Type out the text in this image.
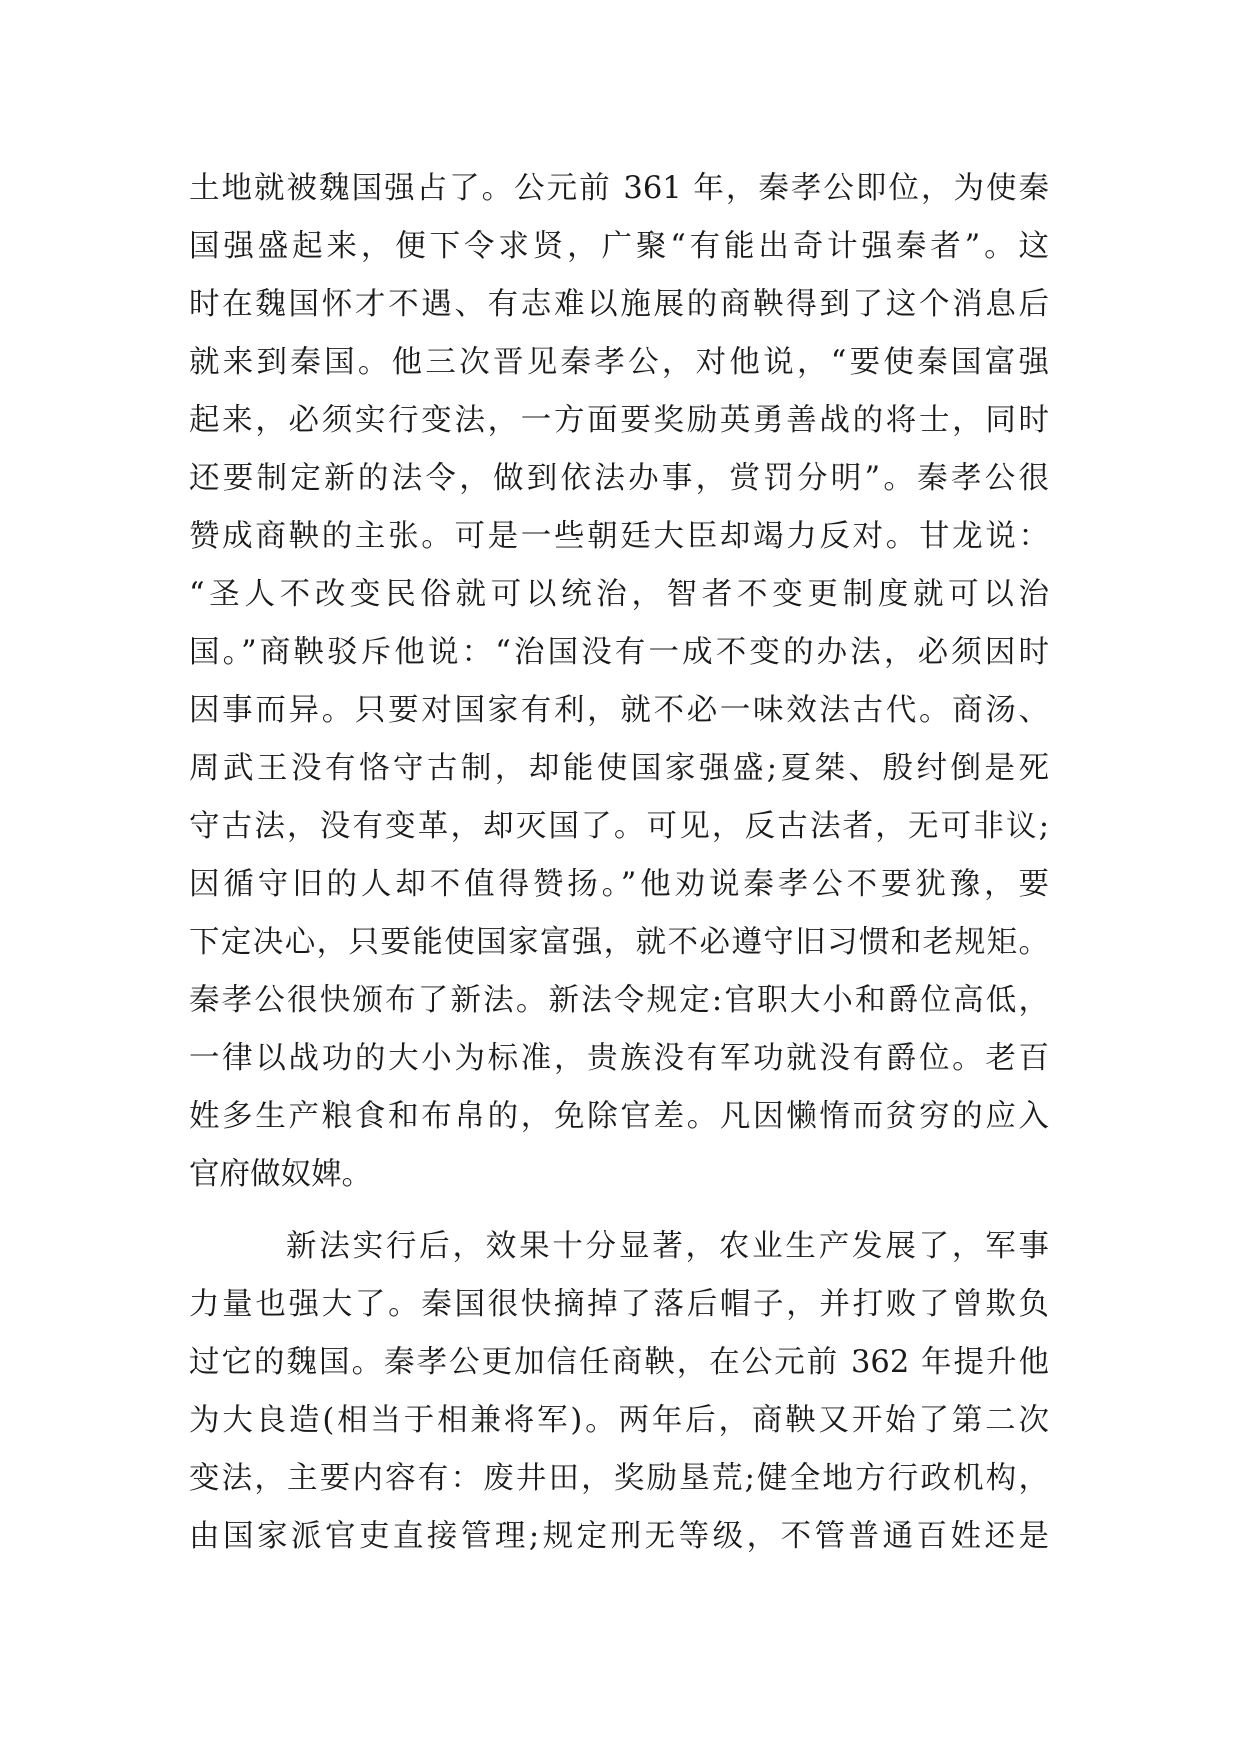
土地就被魏国强占了。公元前 361 年，秦孝公即位，为使秦
国强盛起来，便下令求贤，广聚“有能出奇计强秦者”。这
时在魏国怀才不遇、有志难以施展的商鞅得到了这个消息后
就来到秦国。他三次晋见秦孝公，对他说，“要使秦国富强
起来，必须实行变法，一方面要奖励英勇善战的将士，同时
还要制定新的法令，做到依法办事，赏罚分明”。秦孝公很
赞成商鞅的主张。可是一些朝廷大臣却竭力反对。甘龙说：
“圣人不改变民俗就可以统治，智者不变更制度就可以治
国。”商鞅驳斥他说：“治国没有一成不变的办法，必须因时
因事而异。只要对国家有利，就不必一味效法古代。商汤、
周武王没有恪守古制，却能使国家强盛;夏桀、殷纣倒是死
守古法，没有变革，却灭国了。可见，反古法者，无可非议;
因循守旧的人却不值得赞扬。”他劝说秦孝公不要犹豫，要
下定决心，只要能使国家富强，就不必遵守旧习惯和老规矩。
秦孝公很快颁布了新法。新法令规定:官职大小和爵位高低，
一律以战功的大小为标准，贵族没有军功就没有爵位。老百
姓多生产粮食和布帛的，免除官差。凡因懒惰而贫穷的应入
官府做奴婢。
新法实行后，效果十分显著，农业生产发展了，军事
力量也强大了。秦国很快摘掉了落后帽子，并打败了曾欺负
过它的魏国。秦孝公更加信任商鞅，在公元前 362 年提升他
为大良造(相当于相兼将军)。两年后，商鞅又开始了第二次
变法，主要内容有：废井田，奖励垦荒;健全地方行政机构，
由国家派官吏直接管理;规定刑无等级，不管普通百姓还是
